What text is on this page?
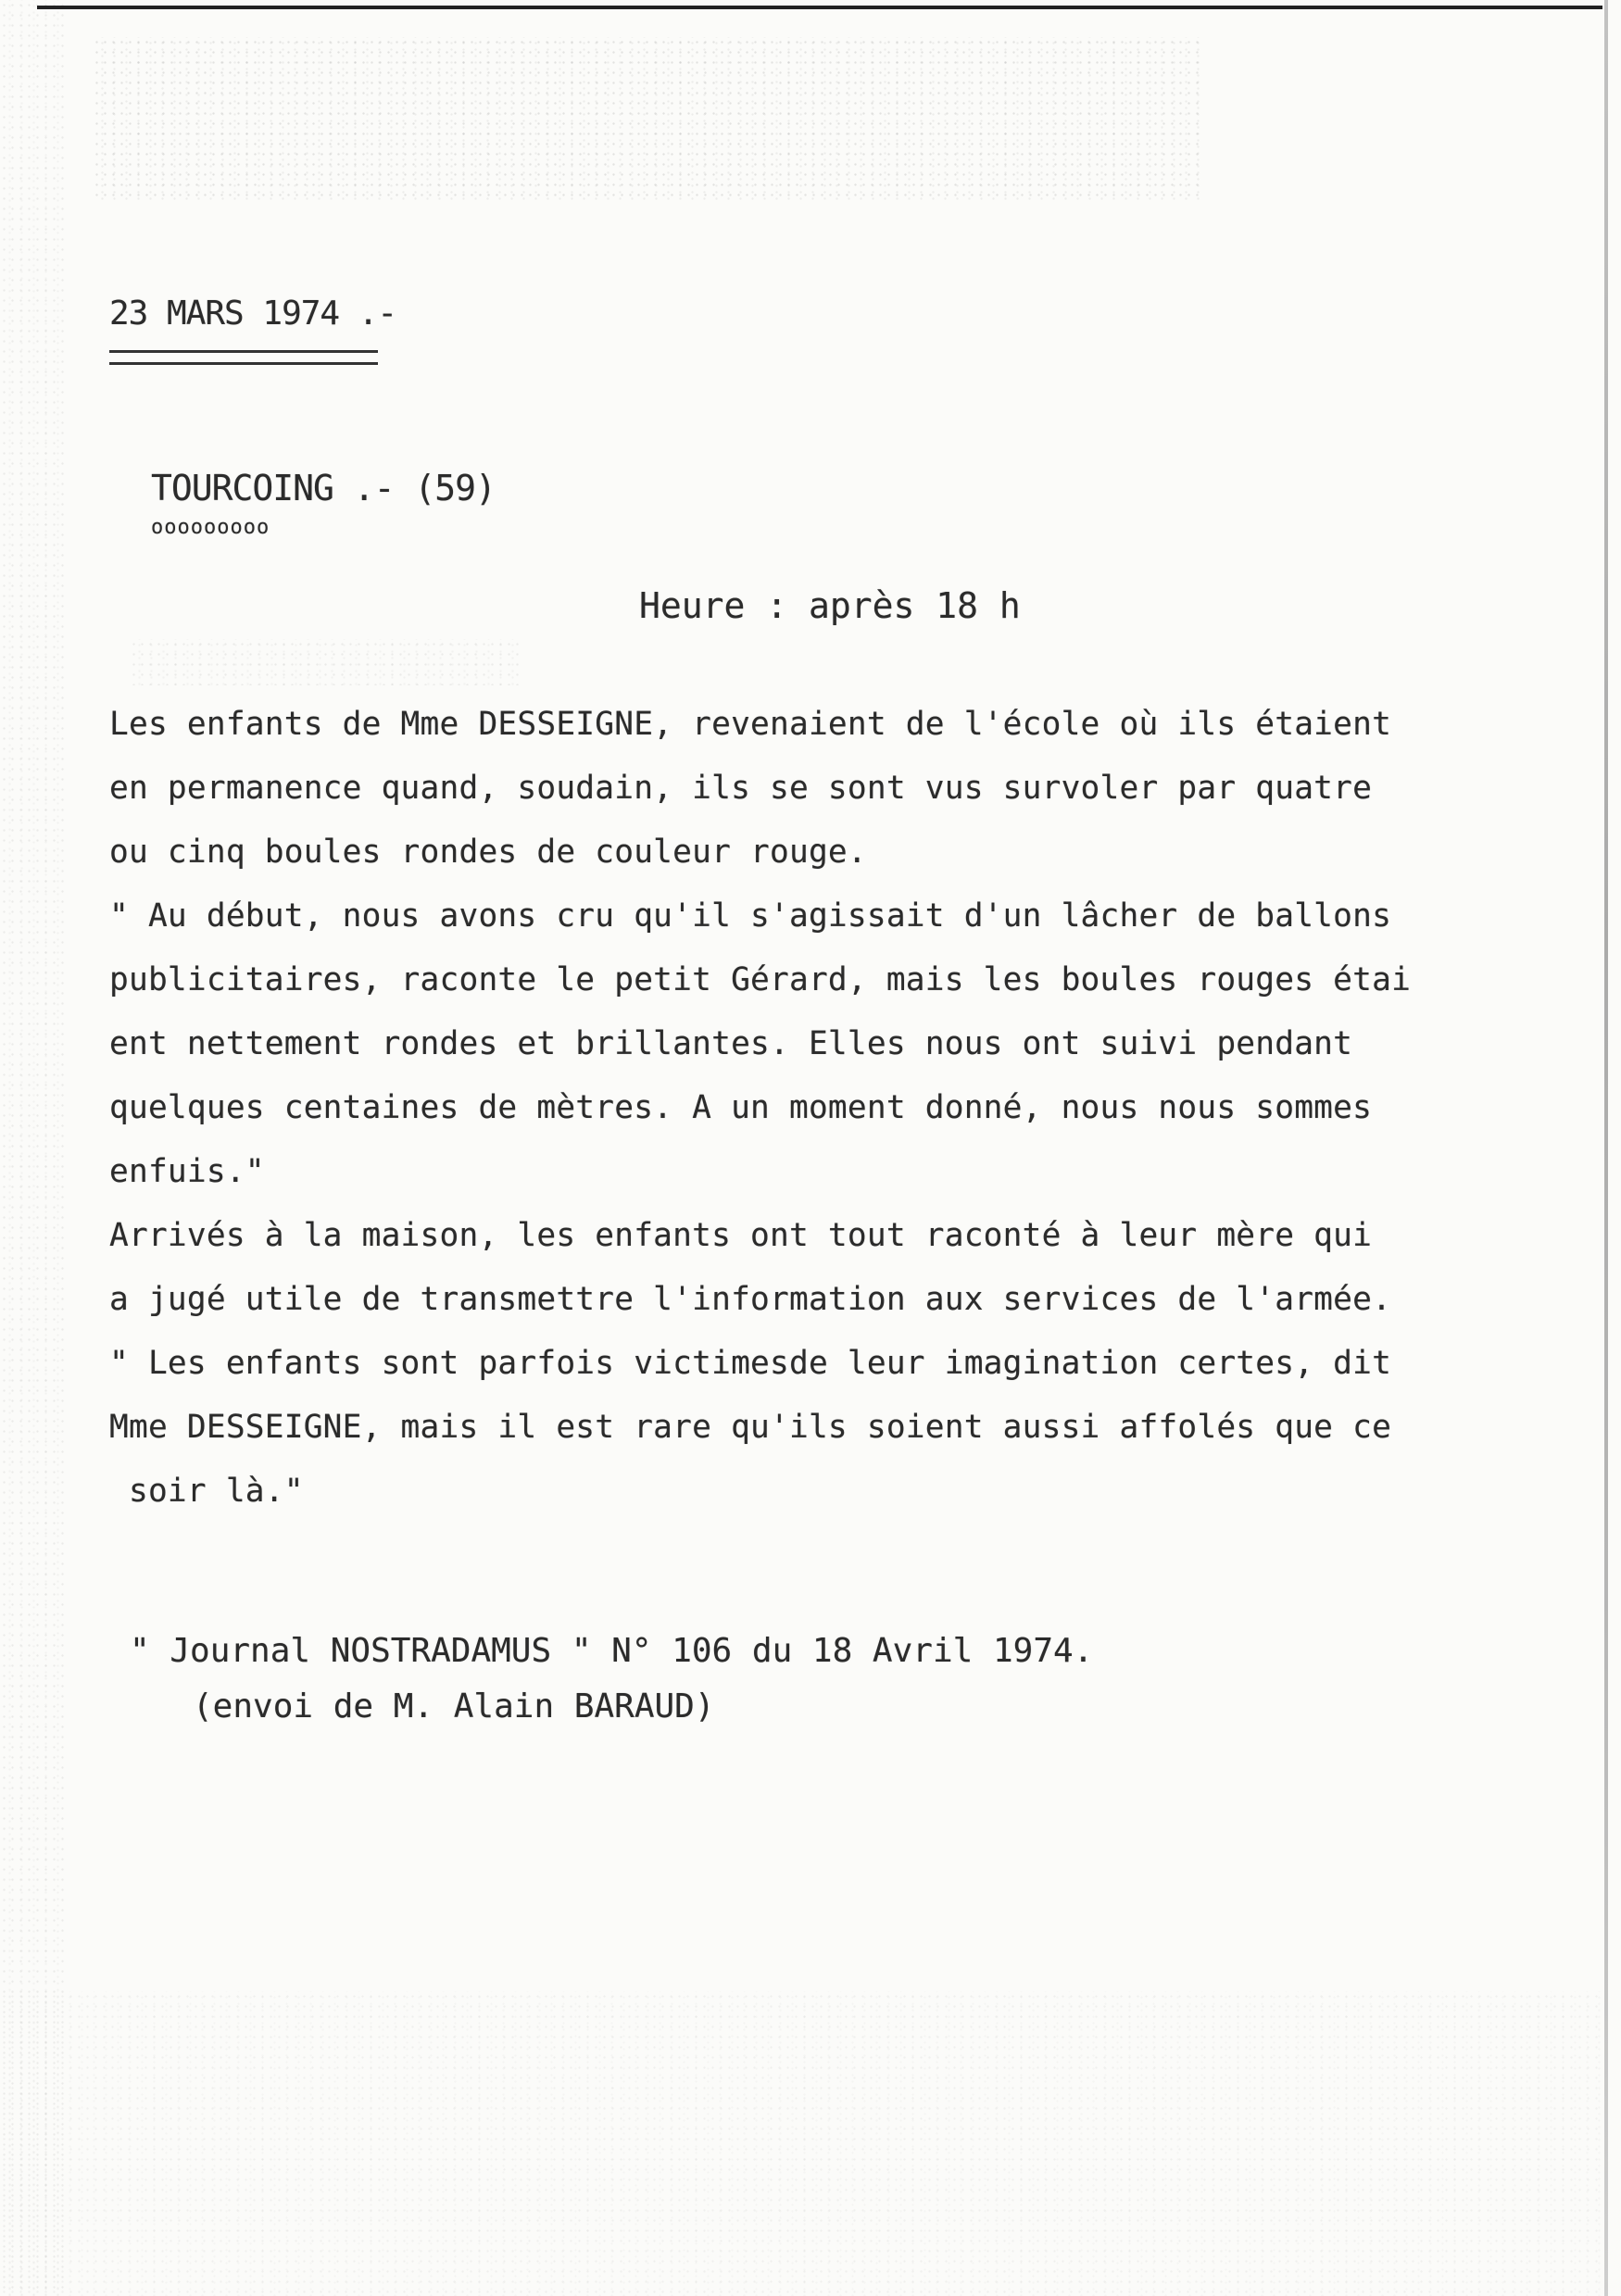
23 MARS 1974 .-
TOURCOING .- (59)
ooooooooo
Heure : après 18 h
Les enfants de Mme DESSEIGNE, revenaient de l'école où ils étaient
en permanence quand, soudain, ils se sont vus survoler par quatre
ou cinq boules rondes de couleur rouge.
" Au début, nous avons cru qu'il s'agissait d'un lâcher de ballons
publicitaires, raconte le petit Gérard, mais les boules rouges étai
ent nettement rondes et brillantes. Elles nous ont suivi pendant
quelques centaines de mètres. A un moment donné, nous nous sommes
enfuis."
Arrivés à la maison, les enfants ont tout raconté à leur mère qui
a jugé utile de transmettre l'information aux services de l'armée.
" Les enfants sont parfois victimesde leur imagination certes, dit
Mme DESSEIGNE, mais il est rare qu'ils soient aussi affolés que ce
soir là."
" Journal NOSTRADAMUS " N° 106 du 18 Avril 1974.
(envoi de M. Alain BARAUD)
